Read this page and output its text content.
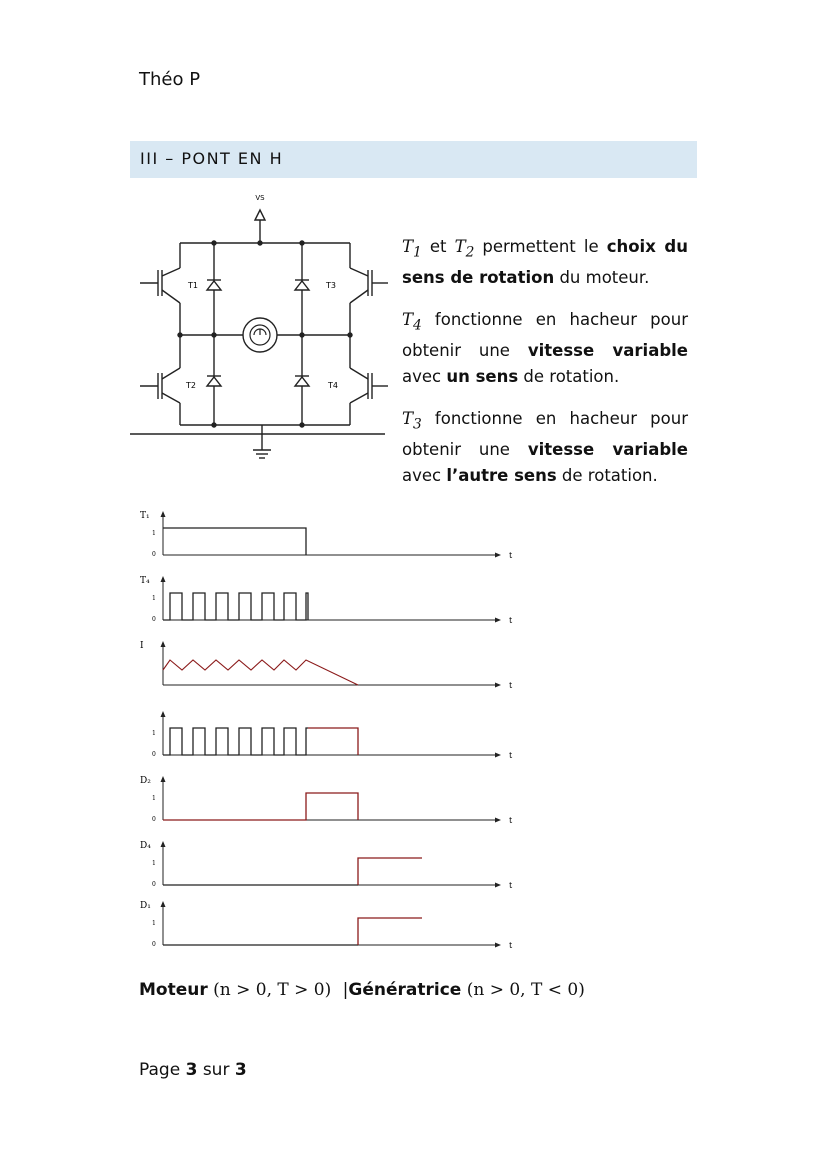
Théo P
III – PONT EN H
VS
T1
T2
T3
T4
$T_1$ et $T_2$ permettent le choix du sens de rotation du moteur.
$T_4$ fonctionne en hacheur pour obtenir une vitesse variable avec un sens de rotation.
$T_3$ fonctionne en hacheur pour obtenir une vitesse variable avec l’autre sens de rotation.
t
T₁
1
0
t
T₄
1
0
t
I
t
1
0
t
D₂
1
0
t
D₄
1
0
t
D₁
1
0
Moteur (n > 0, T > 0) |Génératrice (n > 0, T < 0)
Page 3 sur 3
